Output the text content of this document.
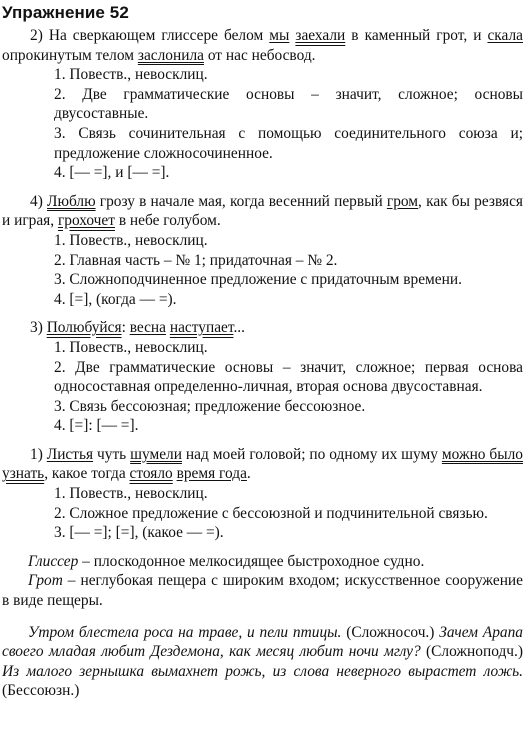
Упражнение 52

2) На сверкающем глиссере белом мы заехали в каменный грот, и скала опрокинутым телом заслонила от нас небосвод.

1. Повеств., невосклиц.
2. Две грамматические основы – значит, сложное; основы двусоставные.
3. Связь сочинительная с помощью соединительного союза и; предложение сложносочиненное.
4. [— =], и [— =].

4) Люблю грозу в начале мая, когда весенний первый гром, как бы резвяся и играя, грохочет в небе голубом.

1. Повеств., невосклиц.
2. Главная часть – № 1; придаточная – № 2.
3. Сложноподчиненное предложение с придаточным времени.
4. [=], (когда — =).

3) Полюбуйся: весна наступает...

1. Повеств., невосклиц.
2. Две грамматические основы – значит, сложное; первая основа односоставная определенно-личная, вторая основа двусоставная.
3. Связь бессоюзная; предложение бессоюзное.
4. [=]: [— =].

1) Листья чуть шумели над моей головой; по одному их шуму можно было узнать, какое тогда стояло время года.

1. Повеств., невосклиц.
2. Сложное предложение с бессоюзной и подчинительной связью.
3. [— =]; [=], (какое — =).

Глиссер – плоскодонное мелкосидящее быстроходное судно.

Грот – неглубокая пещера с широким входом; искусственное сооружение в виде пещеры.

Утром блестела роса на траве, и пели птицы. (Сложносоч.) Зачем Арапа своего младая любит Дездемона, как месяц любит ночи мглу? (Сложноподч.) Из малого зернышка вымахнет рожь, из слова неверного вырастет ложь. (Бессоюзн.)
